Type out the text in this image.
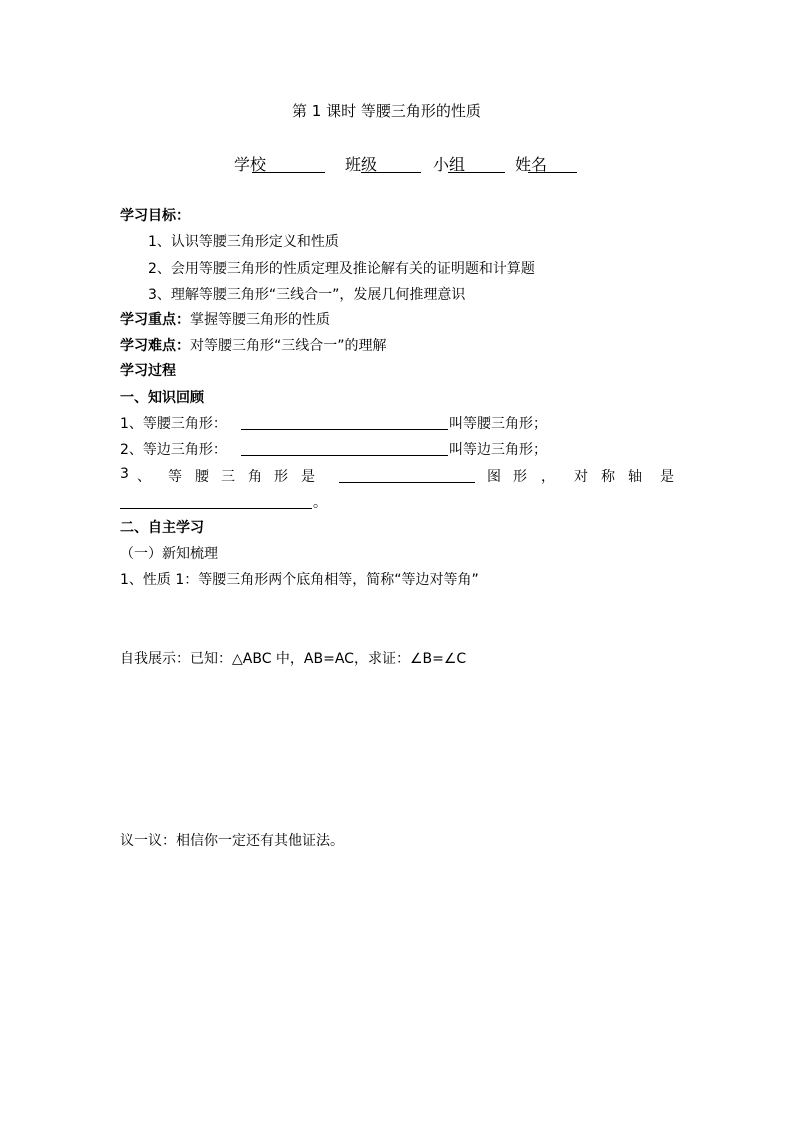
第 1 课时 等腰三角形的性质
学校	班级	小组	姓名
学习目标：
1、认识等腰三角形定义和性质
2、会用等腰三角形的性质定理及推论解有关的证明题和计算题
3、理解等腰三角形“三线合一”，发展几何推理意识
学习重点：掌握等腰三角形的性质
学习难点：对等腰三角形“三线合一”的理解
学习过程
一、知识回顾
1、等腰三角形：	叫等腰三角形；
2、等边三角形：	叫等边三角形；
3 、 等 腰 三 角 形 是	图 形 ， 对 称 轴 是
。
二、自主学习
（一）新知梳理
1、性质 1：等腰三角形两个底角相等，简称“等边对等角”
自我展示：已知：△ABC 中，AB=AC，求证：∠B=∠C
议一议：相信你一定还有其他证法。
